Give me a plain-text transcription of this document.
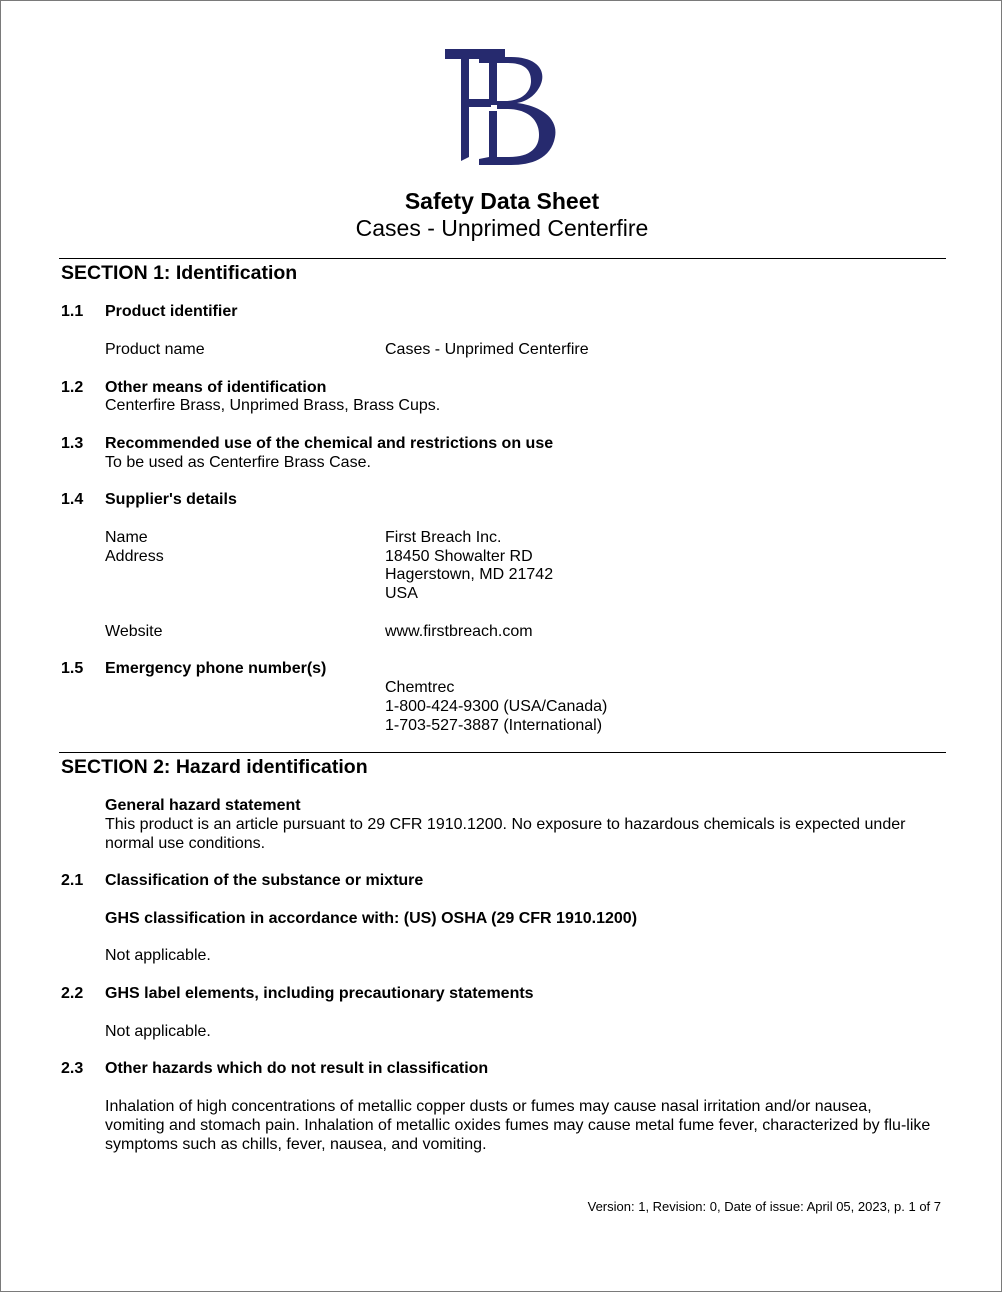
Safety Data Sheet
Cases - Unprimed Centerfire
SECTION 1: Identification
1.1 Product identifier
Product name	Cases - Unprimed Centerfire
1.2 Other means of identification
Centerfire Brass, Unprimed Brass, Brass Cups.
1.3 Recommended use of the chemical and restrictions on use
To be used as Centerfire Brass Case.
1.4 Supplier's details
Name	First Breach Inc.
Address	18450 Showalter RD
Hagerstown, MD 21742
USA
Website	www.firstbreach.com
1.5 Emergency phone number(s)
Chemtrec
1-800-424-9300 (USA/Canada)
1-703-527-3887 (International)
SECTION 2: Hazard identification
General hazard statement
This product is an article pursuant to 29 CFR 1910.1200. No exposure to hazardous chemicals is expected under normal use conditions.
2.1 Classification of the substance or mixture
GHS classification in accordance with: (US) OSHA (29 CFR 1910.1200)
Not applicable.
2.2 GHS label elements, including precautionary statements
Not applicable.
2.3 Other hazards which do not result in classification
Inhalation of high concentrations of metallic copper dusts or fumes may cause nasal irritation and/or nausea, vomiting and stomach pain. Inhalation of metallic oxides fumes may cause metal fume fever, characterized by flu-like symptoms such as chills, fever, nausea, and vomiting.
Version: 1, Revision: 0, Date of issue: April 05, 2023, p. 1 of 7
